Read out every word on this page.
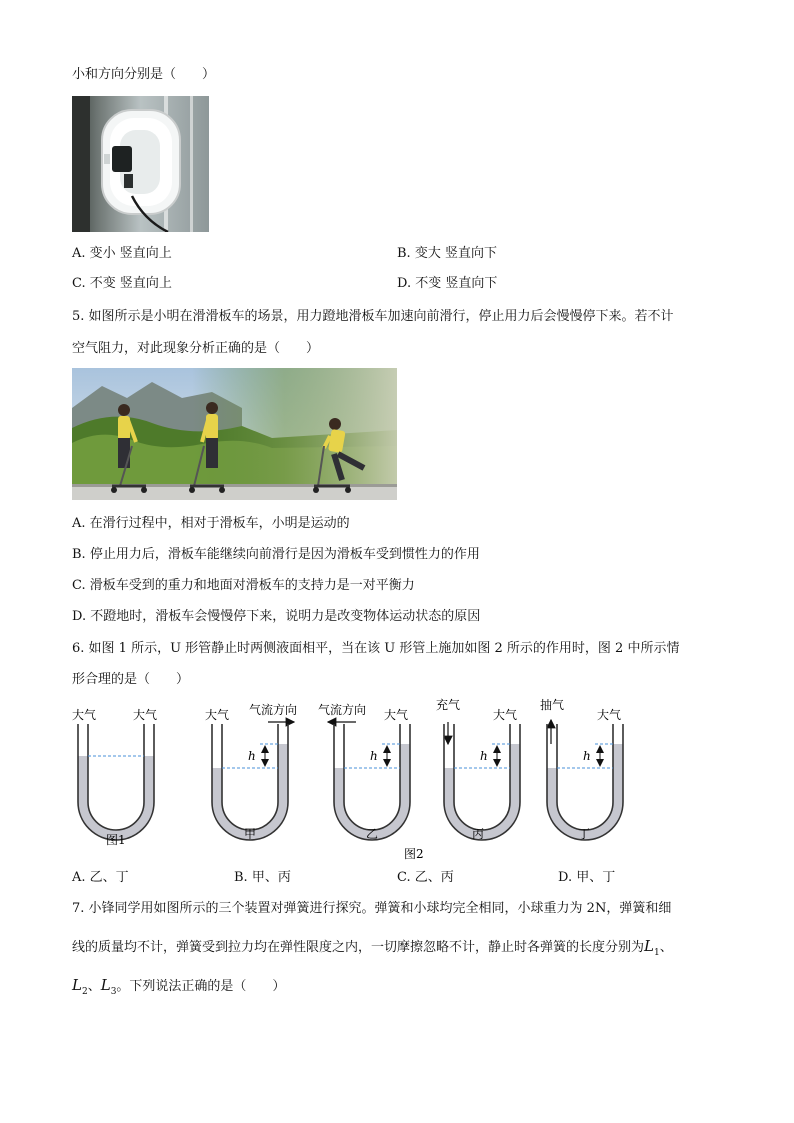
小和方向分别是（　　）
A. 变小 竖直向上	B. 变大 竖直向下
C. 不变 竖直向上	D. 不变 竖直向下
5. 如图所示是小明在滑滑板车的场景，用力蹬地滑板车加速向前滑行，停止用力后会慢慢停下来。若不计
空气阻力，对此现象分析正确的是（　　）
A. 在滑行过程中，相对于滑板车，小明是运动的
B. 停止用力后，滑板车能继续向前滑行是因为滑板车受到惯性力的作用
C. 滑板车受到的重力和地面对滑板车的支持力是一对平衡力
D. 不蹬地时，滑板车会慢慢停下来，说明力是改变物体运动状态的原因
6. 如图 1 所示，U 形管静止时两侧液面相平，当在该 U 形管上施加如图 2 所示的作用时，图 2 中所示情
形合理的是（　　）
大气	大气
图1
大气 气流方向
h
甲
气流方向 大气
h
乙
充气
大气
h
丙
抽气
大气
h
丁
图2
A. 乙、丁	B. 甲、丙	C. 乙、丙	D. 甲、丁
7. 小锋同学用如图所示的三个装置对弹簧进行探究。弹簧和小球均完全相同，小球重力为 2N，弹簧和细
线的质量均不计，弹簧受到拉力均在弹性限度之内，一切摩擦忽略不计，静止时各弹簧的长度分别为$L_1$、
$L_2$、$L_3$。下列说法正确的是（　　）
